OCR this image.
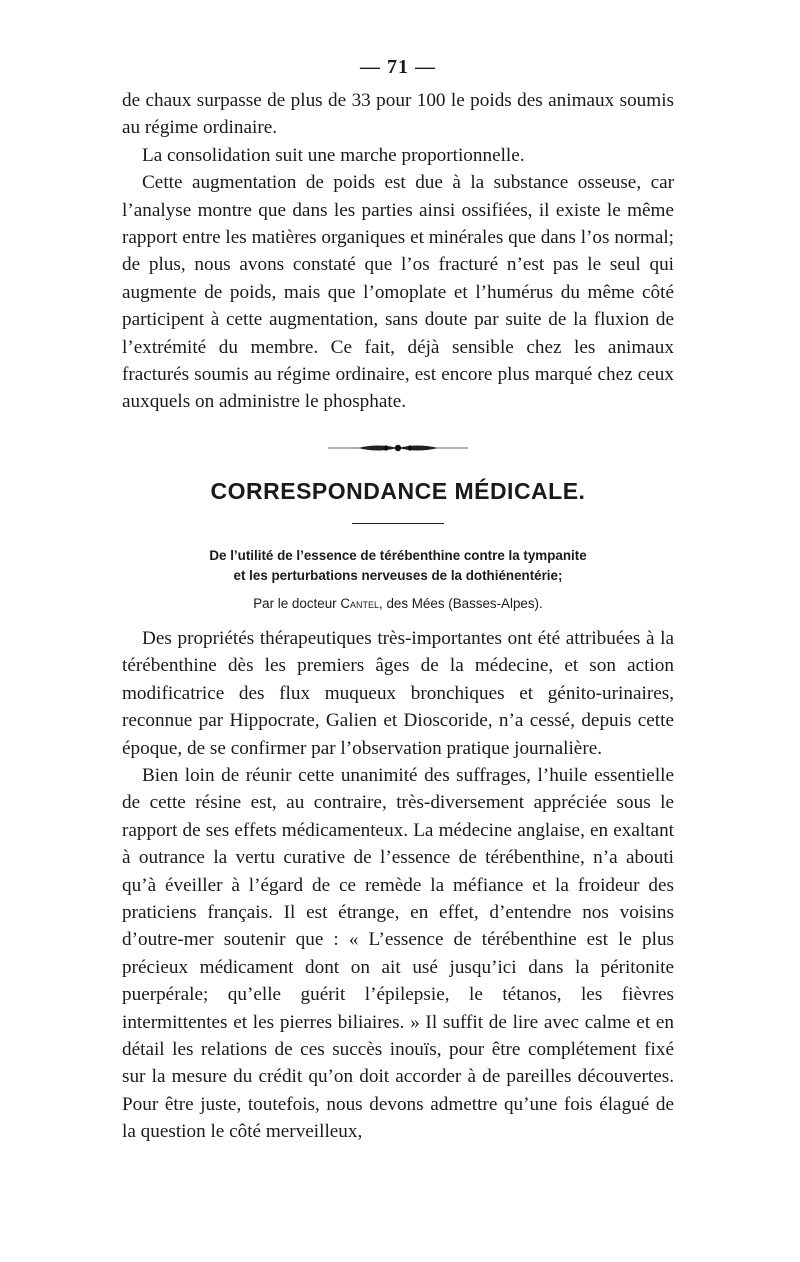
— 71 —

de chaux surpasse de plus de 33 pour 100 le poids des animaux soumis au régime ordinaire.

La consolidation suit une marche proportionnelle.

Cette augmentation de poids est due à la substance osseuse, car l’analyse montre que dans les parties ainsi ossifiées, il existe le même rapport entre les matières organiques et minérales que dans l’os normal; de plus, nous avons constaté que l’os fracturé n’est pas le seul qui augmente de poids, mais que l’omoplate et l’humérus du même côté participent à cette augmentation, sans doute par suite de la fluxion de l’extrémité du membre. Ce fait, déjà sensible chez les animaux fracturés soumis au régime ordinaire, est encore plus marqué chez ceux auxquels on administre le phosphate.

CORRESPONDANCE MÉDICALE.
De l’utilité de l’essence de térébenthine contre la tympanite
et les perturbations nerveuses de la dothiénentérie;
Par le docteur Cantel, des Mées (Basses-Alpes).

Des propriétés thérapeutiques très-importantes ont été attribuées à la térébenthine dès les premiers âges de la médecine, et son action modificatrice des flux muqueux bronchiques et génito-urinaires, reconnue par Hippocrate, Galien et Dioscoride, n’a cessé, depuis cette époque, de se confirmer par l’observation pratique journalière.

Bien loin de réunir cette unanimité des suffrages, l’huile essentielle de cette résine est, au contraire, très-diversement appréciée sous le rapport de ses effets médicamenteux. La médecine anglaise, en exaltant à outrance la vertu curative de l’essence de térébenthine, n’a abouti qu’à éveiller à l’égard de ce remède la méfiance et la froideur des praticiens français. Il est étrange, en effet, d’entendre nos voisins d’outre-mer soutenir que : « L’essence de térébenthine est le plus précieux médicament dont on ait usé jusqu’ici dans la péritonite puerpérale; qu’elle guérit l’épilepsie, le tétanos, les fièvres intermittentes et les pierres biliaires. » Il suffit de lire avec calme et en détail les relations de ces succès inouïs, pour être complétement fixé sur la mesure du crédit qu’on doit accorder à de pareilles découvertes. Pour être juste, toutefois, nous devons admettre qu’une fois élagué de la question le côté merveilleux,
